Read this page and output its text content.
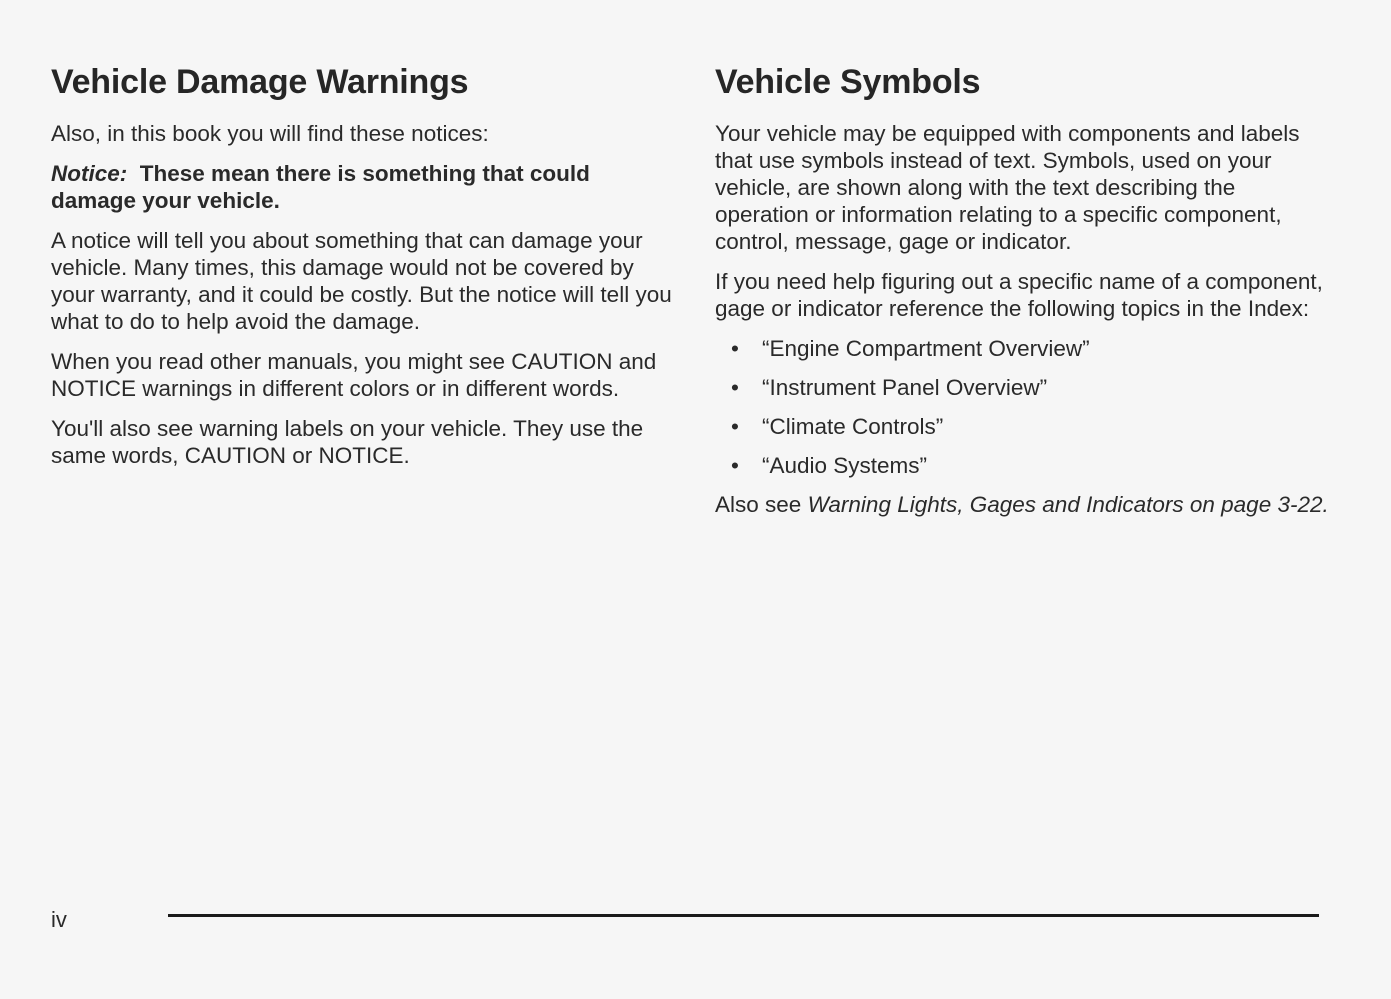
Vehicle Damage Warnings

Also, in this book you will find these notices:

Notice: These mean there is something that could damage your vehicle.

A notice will tell you about something that can damage your vehicle. Many times, this damage would not be covered by your warranty, and it could be costly. But the notice will tell you what to do to help avoid the damage.

When you read other manuals, you might see CAUTION and NOTICE warnings in different colors or in different words.

You'll also see warning labels on your vehicle. They use the same words, CAUTION or NOTICE.

Vehicle Symbols

Your vehicle may be equipped with components and labels that use symbols instead of text. Symbols, used on your vehicle, are shown along with the text describing the operation or information relating to a specific component, control, message, gage or indicator.

If you need help figuring out a specific name of a component, gage or indicator reference the following topics in the Index:

• “Engine Compartment Overview”
• “Instrument Panel Overview”
• “Climate Controls”
• “Audio Systems”

Also see Warning Lights, Gages and Indicators on page 3-22.

iv
